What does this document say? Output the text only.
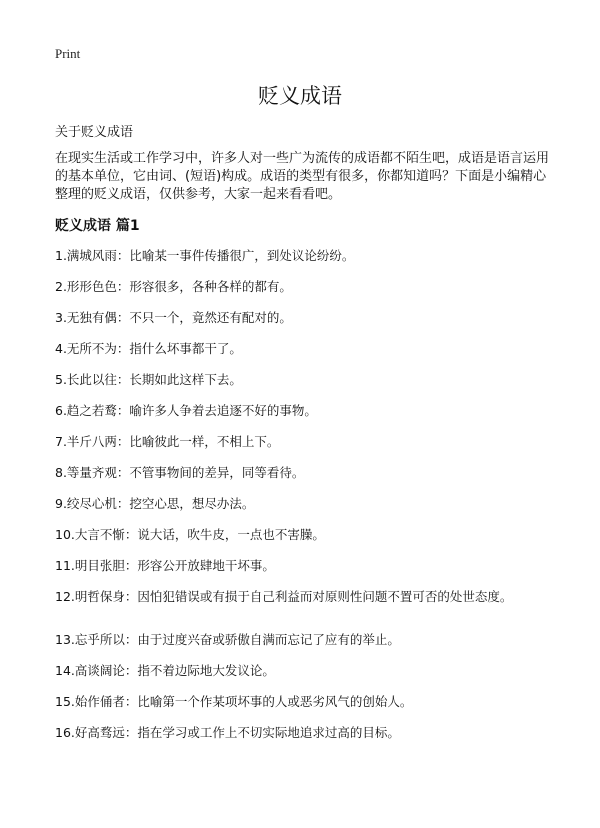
Print
贬义成语
关于贬义成语

在现实生活或工作学习中，许多人对一些广为流传的成语都不陌生吧，成语是语言运用的基本单位，它由词、(短语)构成。成语的类型有很多，你都知道吗？下面是小编精心整理的贬义成语，仅供参考，大家一起来看看吧。

贬义成语 篇1
1.满城风雨：比喻某一事件传播很广，到处议论纷纷。
2.形形色色：形容很多，各种各样的都有。
3.无独有偶：不只一个，竟然还有配对的。
4.无所不为：指什么坏事都干了。
5.长此以往：长期如此这样下去。
6.趋之若鹜：喻许多人争着去追逐不好的事物。
7.半斤八两：比喻彼此一样，不相上下。
8.等量齐观：不管事物间的差异，同等看待。
9.绞尽心机：挖空心思，想尽办法。
10.大言不惭：说大话，吹牛皮，一点也不害臊。
11.明目张胆：形容公开放肆地干坏事。
12.明哲保身：因怕犯错误或有损于自己利益而对原则性问题不置可否的处世态度。
13.忘乎所以：由于过度兴奋或骄傲自满而忘记了应有的举止。
14.高谈阔论：指不着边际地大发议论。
15.始作俑者：比喻第一个作某项坏事的人或恶劣风气的创始人。
16.好高骛远：指在学习或工作上不切实际地追求过高的目标。
